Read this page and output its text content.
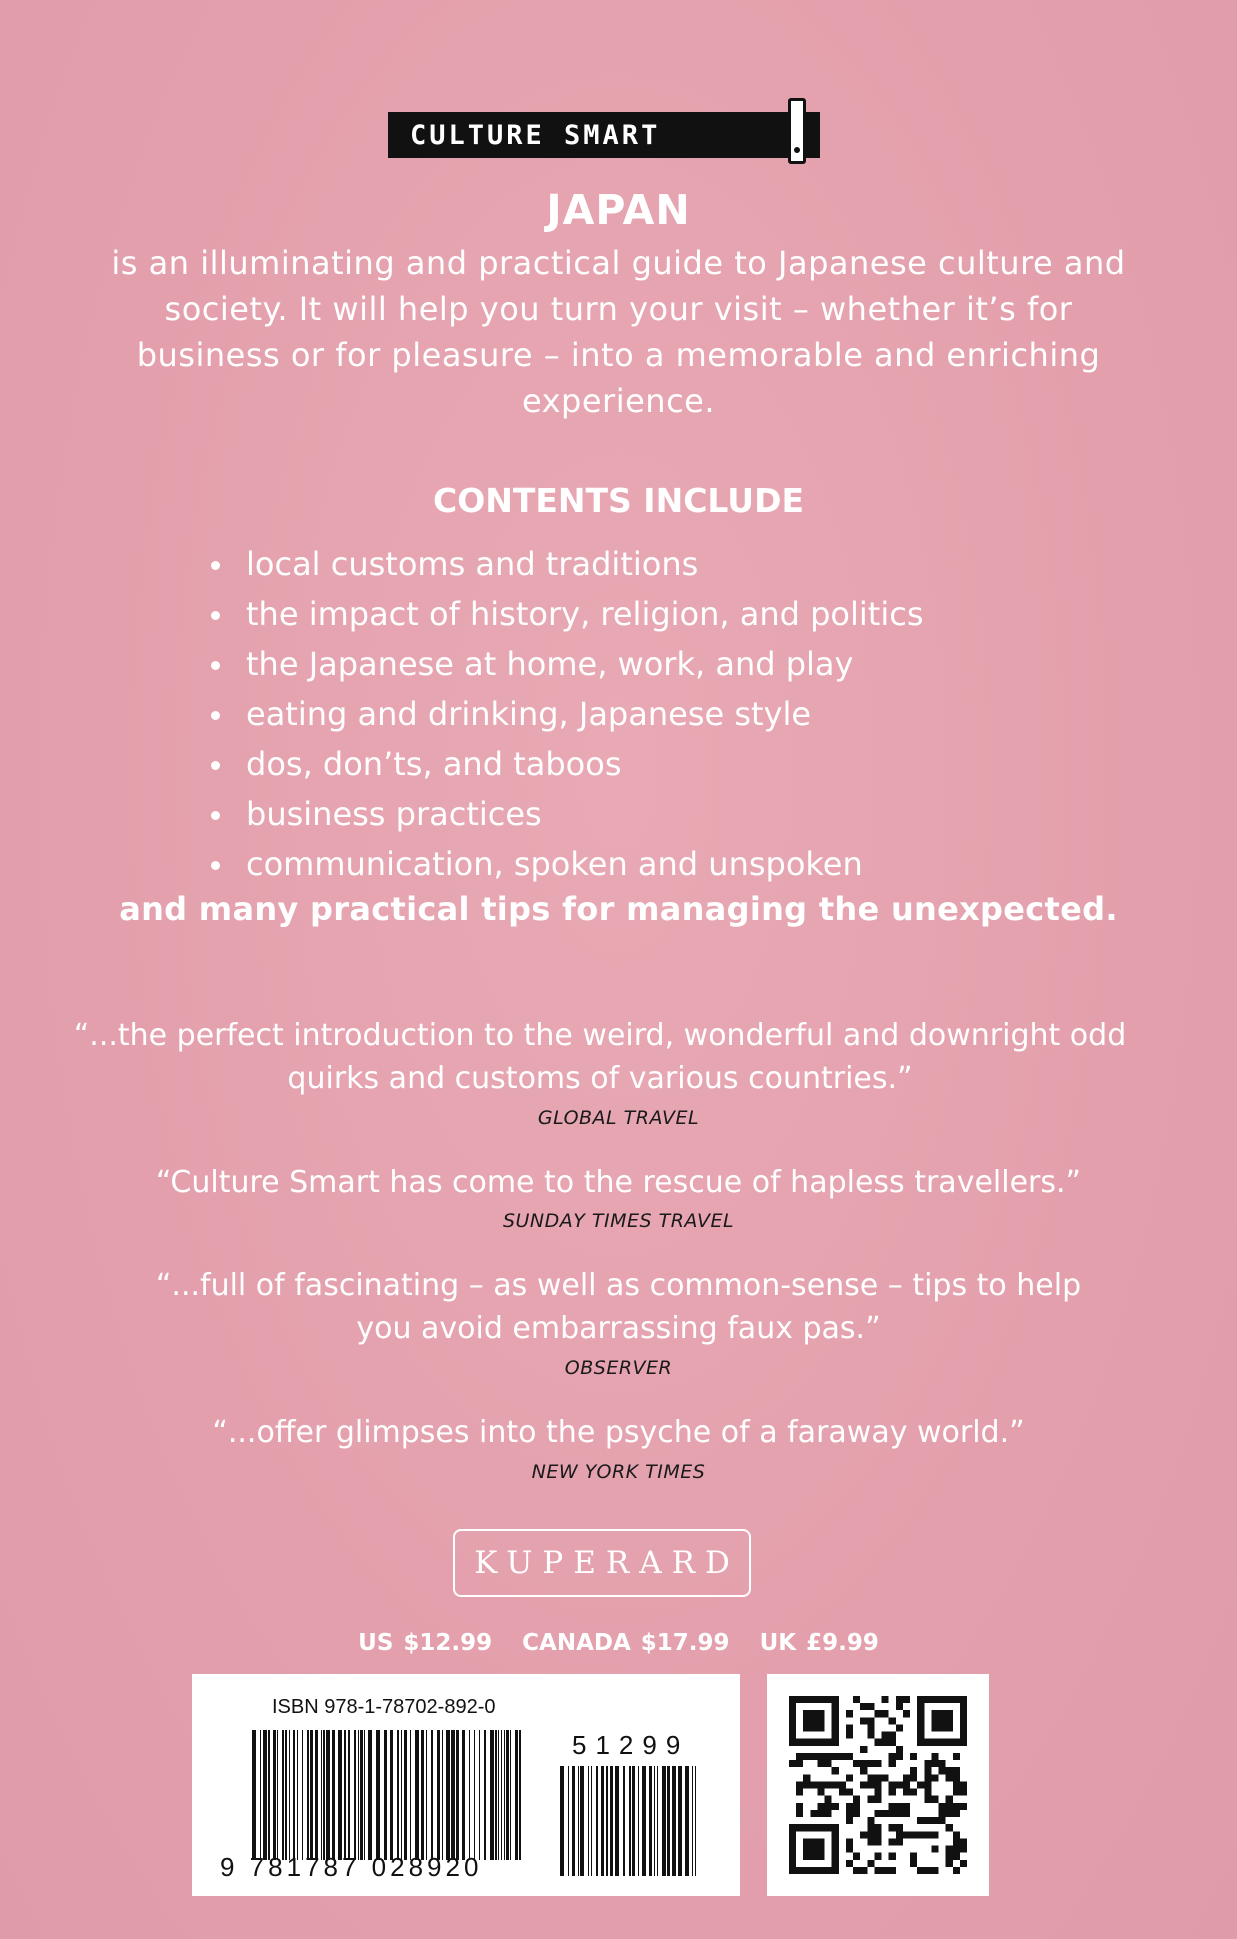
CULTURE SMART
JAPAN
is an illuminating and practical guide to Japanese culture and society. It will help you turn your visit – whether it’s for business or for pleasure – into a memorable and enriching experience.
CONTENTS INCLUDE
local customs and traditions
the impact of history, religion, and politics
the Japanese at home, work, and play
eating and drinking, Japanese style
dos, don’ts, and taboos
business practices
communication, spoken and unspoken
and many practical tips for managing the unexpected.
“...the perfect introduction to the weird, wonderful and downright odd quirks and customs of various countries.”
GLOBAL TRAVEL
“Culture Smart has come to the rescue of hapless travellers.”
SUNDAY TIMES TRAVEL
“...full of fascinating – as well as common-sense – tips to help you avoid embarrassing faux pas.”
OBSERVER
“...offer glimpses into the psyche of a faraway world.”
NEW YORK TIMES
KUPERARD
US $12.99 CANADA $17.99 UK £9.99
ISBN 978-1-78702-892-0
9 781787 028920
51299
